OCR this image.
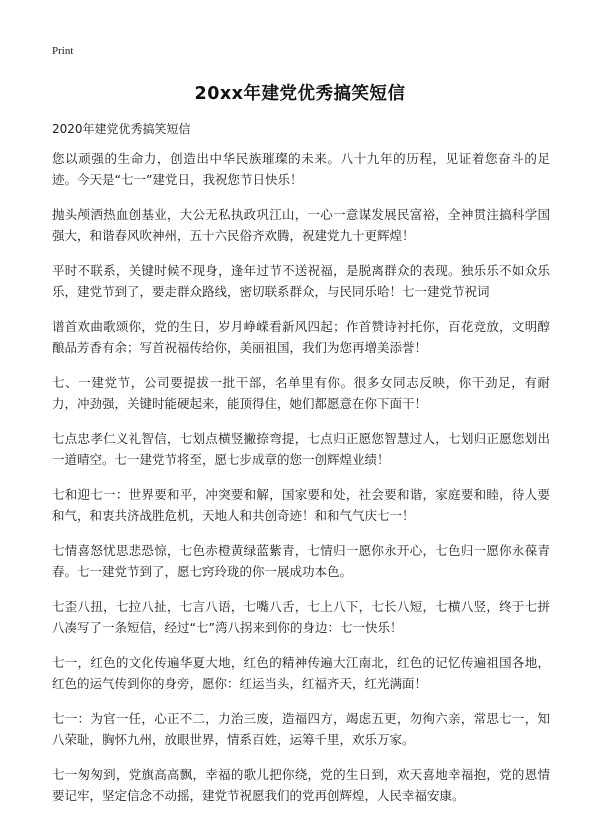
Print
20xx年建党优秀搞笑短信
2020年建党优秀搞笑短信

您以顽强的生命力，创造出中华民族璀璨的未来。八十九年的历程，见证着您奋斗的足迹。今天是“七一”建党日，我祝您节日快乐！

抛头颅洒热血创基业，大公无私执政巩江山，一心一意谋发展民富裕，全神贯注搞科学国强大，和谐春风吹神州，五十六民俗齐欢腾，祝建党九十更辉煌！

平时不联系，关键时候不现身，逢年过节不送祝福，是脱离群众的表现。独乐乐不如众乐乐，建党节到了，要走群众路线，密切联系群众，与民同乐哈！七一建党节祝词

谱首欢曲歌颂你，党的生日，岁月峥嵘看新风四起；作首赞诗衬托你，百花竞放，文明醇酿品芳香有余；写首祝福传给你，美丽祖国，我们为您再增美添誉！

七、一建党节，公司要提拔一批干部，名单里有你。很多女同志反映，你干劲足，有耐力，冲劲强，关键时能硬起来，能顶得住，她们都愿意在你下面干！

七点忠孝仁义礼智信，七划点横竖撇捺弯提，七点归正愿您智慧过人，七划归正愿您划出一道晴空。七一建党节将至，愿七步成章的您一创辉煌业绩！

七和迎七一：世界要和平，冲突要和解，国家要和处，社会要和谐，家庭要和睦，待人要和气，和衷共济战胜危机，天地人和共创奇迹！和和气气庆七一！

七情喜怒忧思悲恐惊，七色赤橙黄绿蓝紫青，七情归一愿你永开心，七色归一愿你永葆青春。七一建党节到了，愿七窍玲珑的你一展成功本色。

七歪八扭，七拉八扯，七言八语，七嘴八舌，七上八下，七长八短，七横八竖，终于七拼八凑写了一条短信，经过“七”湾八拐来到你的身边：七一快乐！

七一，红色的文化传遍华夏大地，红色的精神传遍大江南北，红色的记忆传遍祖国各地，红色的运气传到你的身旁，愿你：红运当头，红福齐天，红光满面！

七一：为官一任，心正不二，力治三废，造福四方，竭虑五更，勿徇六亲，常思七一，知八荣耻，胸怀九州，放眼世界，情系百姓，运筹千里，欢乐万家。

七一匆匆到，党旗高高飘，幸福的歌儿把你绕，党的生日到，欢天喜地幸福抱，党的恩情要记牢，坚定信念不动摇，建党节祝愿我们的党再创辉煌，人民幸福安康。
